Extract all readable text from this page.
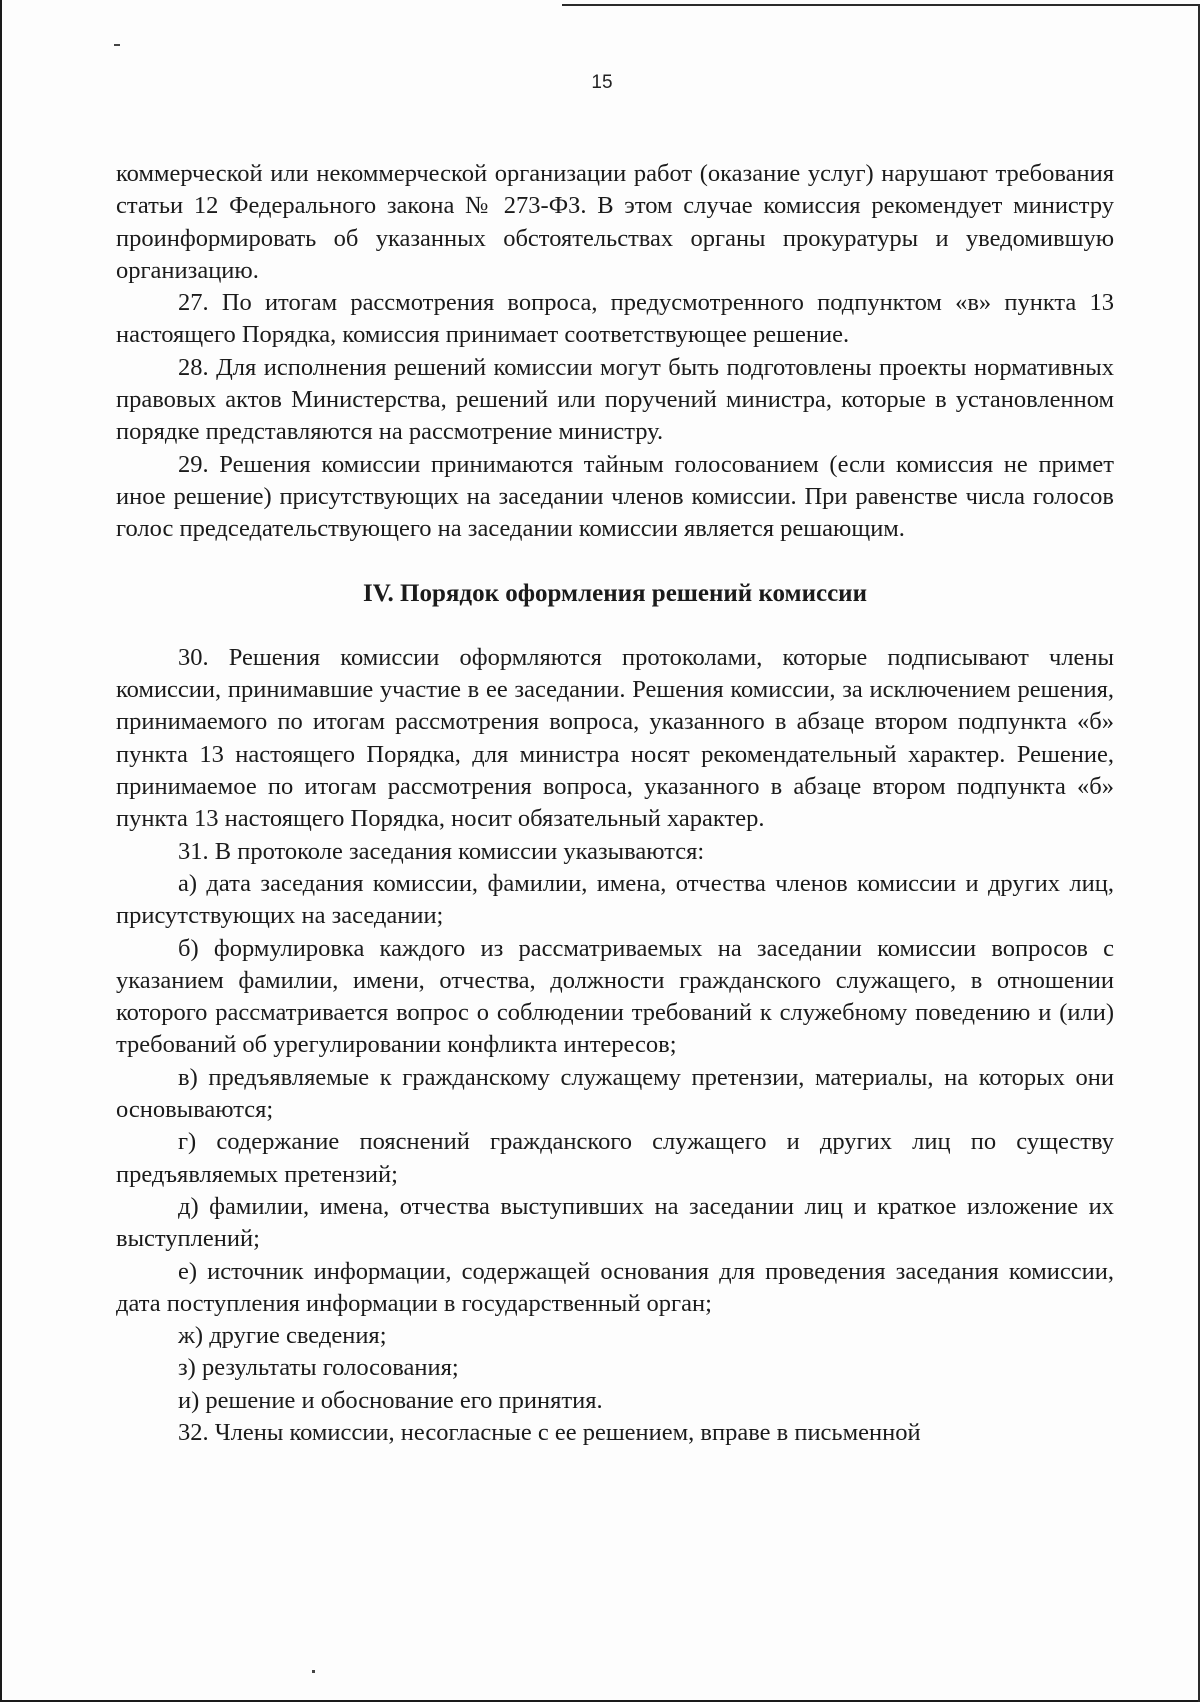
15

коммерческой или некоммерческой организации работ (оказание услуг) нарушают требования статьи 12 Федерального закона № 273-ФЗ. В этом случае комиссия рекомендует министру проинформировать об указанных обстоятельствах органы прокуратуры и уведомившую организацию.

27. По итогам рассмотрения вопроса, предусмотренного подпунктом «в» пункта 13 настоящего Порядка, комиссия принимает соответствующее решение.

28. Для исполнения решений комиссии могут быть подготовлены проекты нормативных правовых актов Министерства, решений или поручений министра, которые в установленном порядке представляются на рассмотрение министру.

29. Решения комиссии принимаются тайным голосованием (если комиссия не примет иное решение) присутствующих на заседании членов комиссии. При равенстве числа голосов голос председательствующего на заседании комиссии является решающим.

IV. Порядок оформления решений комиссии

30. Решения комиссии оформляются протоколами, которые подписывают члены комиссии, принимавшие участие в ее заседании. Решения комиссии, за исключением решения, принимаемого по итогам рассмотрения вопроса, указанного в абзаце втором подпункта «б» пункта 13 настоящего Порядка, для министра носят рекомендательный характер. Решение, принимаемое по итогам рассмотрения вопроса, указанного в абзаце втором подпункта «б» пункта 13 настоящего Порядка, носит обязательный характер.

31. В протоколе заседания комиссии указываются:

а) дата заседания комиссии, фамилии, имена, отчества членов комиссии и других лиц, присутствующих на заседании;

б) формулировка каждого из рассматриваемых на заседании комиссии вопросов с указанием фамилии, имени, отчества, должности гражданского служащего, в отношении которого рассматривается вопрос о соблюдении требований к служебному поведению и (или) требований об урегулировании конфликта интересов;

в) предъявляемые к гражданскому служащему претензии, материалы, на которых они основываются;

г) содержание пояснений гражданского служащего и других лиц по существу предъявляемых претензий;

д) фамилии, имена, отчества выступивших на заседании лиц и краткое изложение их выступлений;

е) источник информации, содержащей основания для проведения заседания комиссии, дата поступления информации в государственный орган;

ж) другие сведения;

з) результаты голосования;

и) решение и обоснование его принятия.

32. Члены комиссии, несогласные с ее решением, вправе в письменной
